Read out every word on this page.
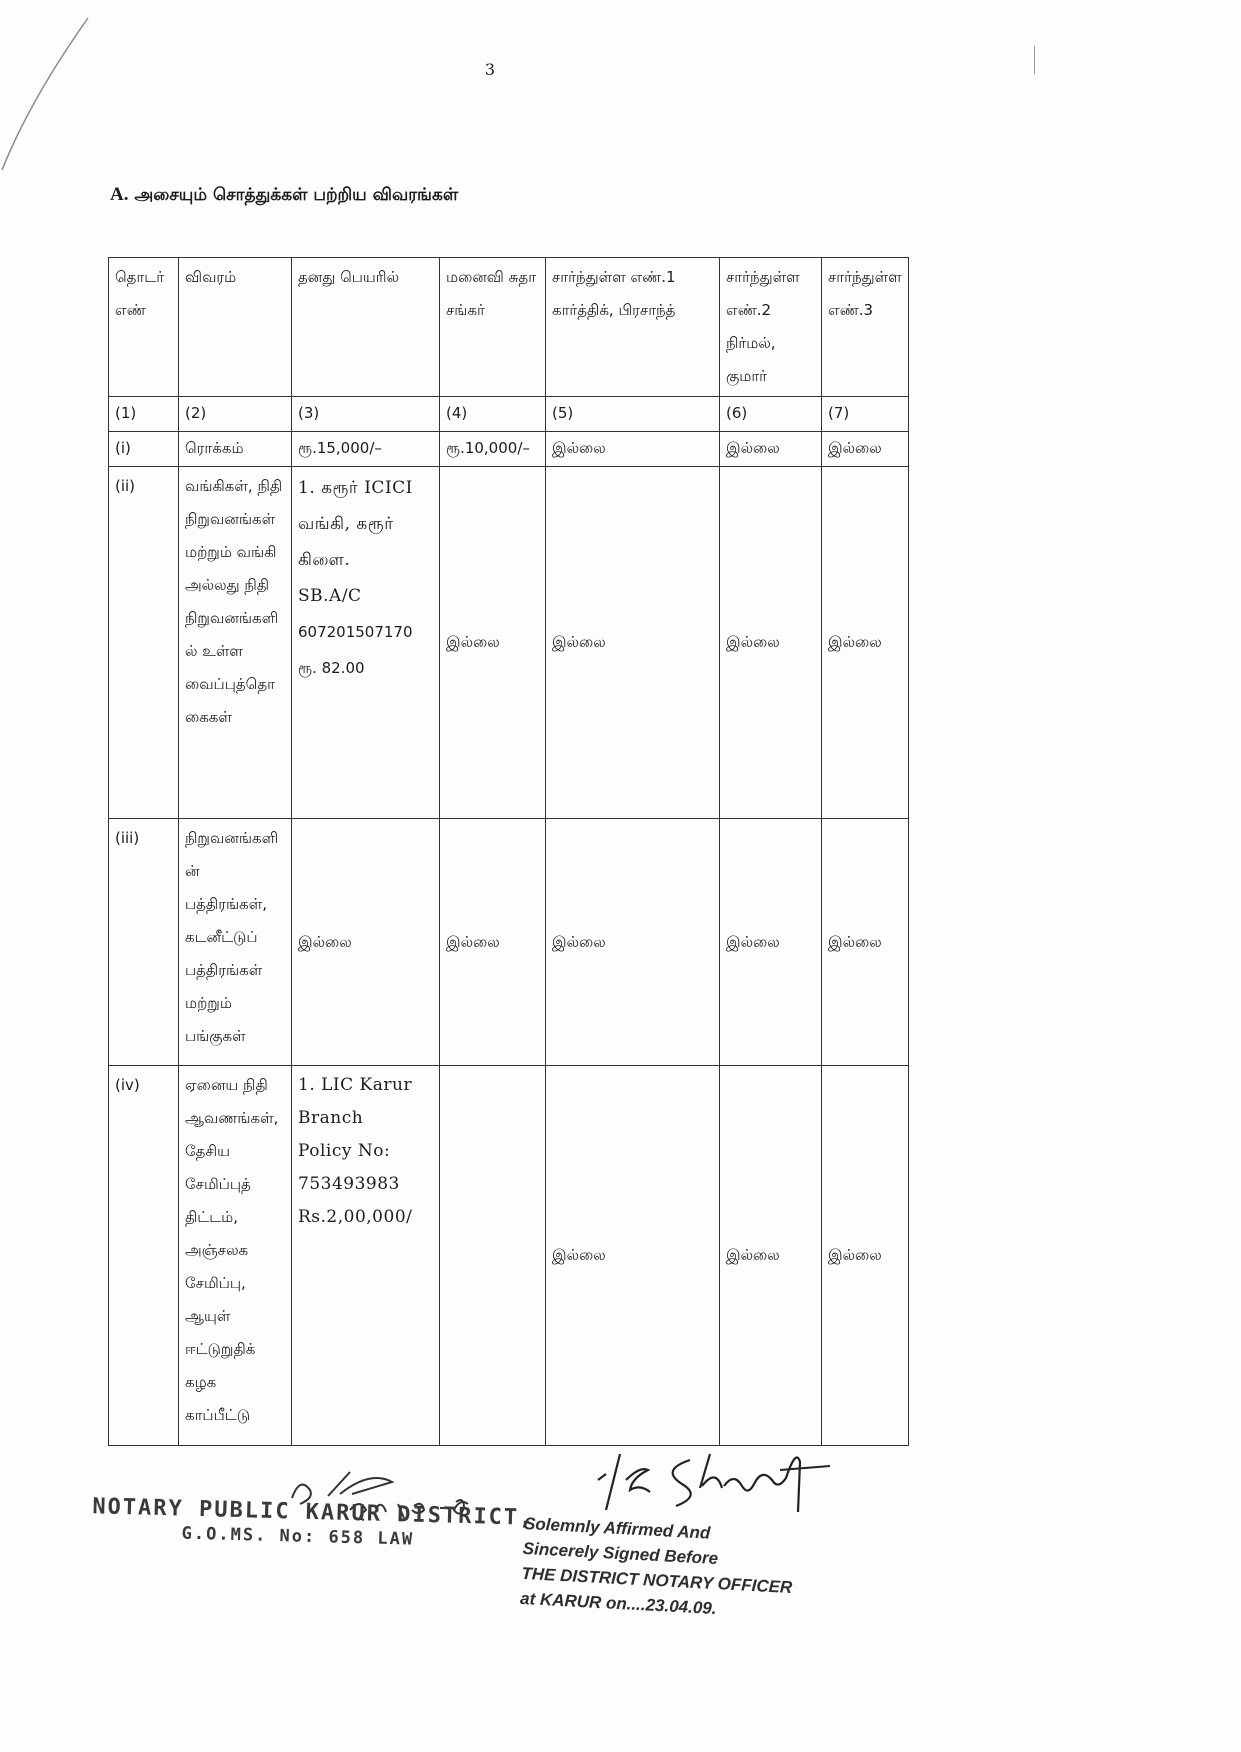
3
A. அசையும் சொத்துக்கள் பற்றிய விவரங்கள்
தொடர் எண்	விவரம்	தனது பெயரில்	மனைவி சுதா சங்கர்	சார்ந்துள்ள எண்.1 கார்த்திக், பிரசாந்த்	சார்ந்துள்ள எண்.2 நிர்மல், குமார்	சார்ந்துள்ள எண்.3
(1)	(2)	(3)	(4)	(5)	(6)	(7)
(i)	ரொக்கம்	ரூ.15,000/–	ரூ.10,000/–	இல்லை	இல்லை	இல்லை
(ii)	வங்கிகள், நிதி நிறுவனங்கள் மற்றும் வங்கி அல்லது நிதி நிறுவனங்களில் உள்ள வைப்புத்தொகைகள்	1. கரூர் ICICI வங்கி, கரூர் கிளை.
SB.A/C
607201507170
ரூ. 82.00	இல்லை	இல்லை	இல்லை	இல்லை
(iii)	நிறுவனங்களின் பத்திரங்கள், கடனீட்டுப் பத்திரங்கள் மற்றும் பங்குகள்	இல்லை	இல்லை	இல்லை	இல்லை	இல்லை
(iv)	ஏனைய நிதி ஆவணங்கள், தேசிய சேமிப்புத் திட்டம், அஞ்சலக சேமிப்பு, ஆயுள் ஈட்டுறுதிக் கழக காப்பீட்டு	1. LIC Karur Branch
Policy No:
753493983
Rs.2,00,000/		இல்லை	இல்லை	இல்லை
NOTARY PUBLIC KARUR DISTRICT,
G.O.MS. No: 658 LAW	Solemnly Affirmed And
Sincerely Signed Before
THE DISTRICT NOTARY OFFICER
at KARUR on....23.04.09.
